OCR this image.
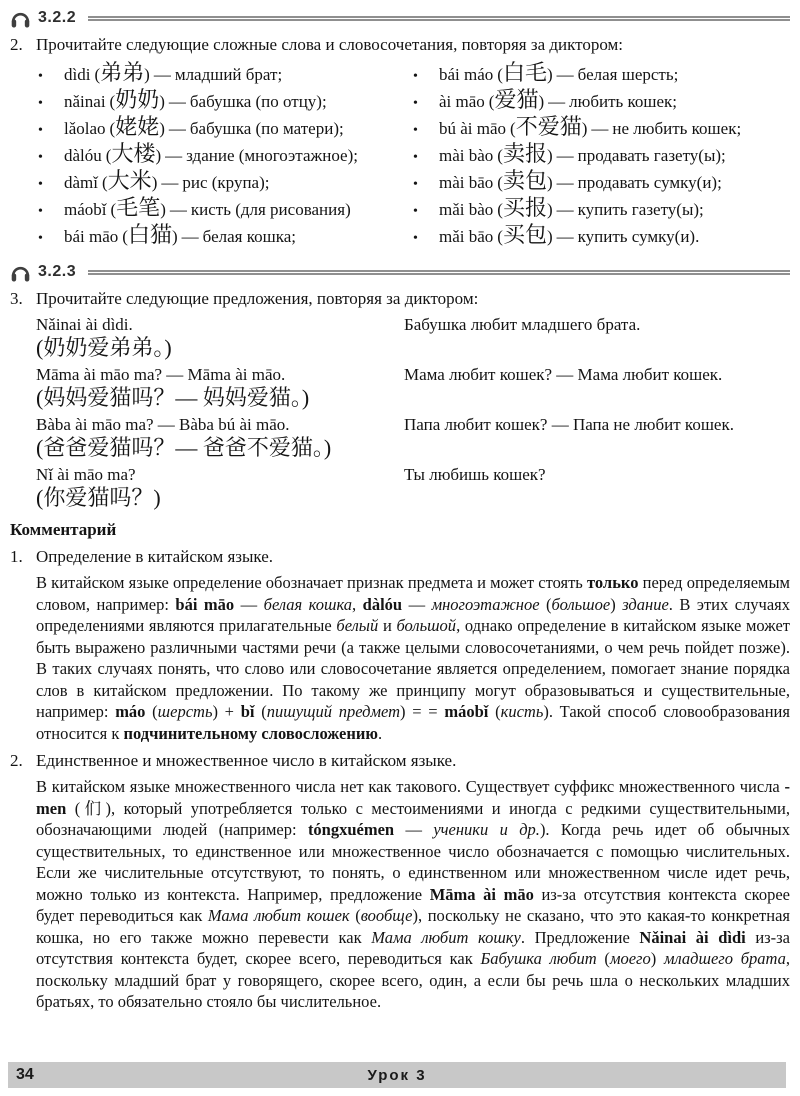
3.2.2
2. Прочитайте следующие сложные слова и словосочетания, повторяя за диктором:
•	dìdi (弟弟) — младший брат;
•	nǎinai (奶奶) — бабушка (по отцу);
•	lǎolao (姥姥) — бабушка (по матери);
•	dàlóu (大楼) — здание (многоэтажное);
•	dàmǐ (大米) — рис (крупа);
•	máobǐ (毛笔) — кисть (для рисования)
•	bái māo (白猫) — белая кошка;
•	bái máo (白毛) — белая шерсть;
•	ài māo (爱猫) — любить кошек;
•	bú ài māo (不爱猫) — не любить кошек;
•	mài bào (卖报) — продавать газету(ы);
•	mài bāo (卖包) — продавать сумку(и);
•	mǎi bào (买报) — купить газету(ы);
•	mǎi bāo (买包) — купить сумку(и).
3.2.3
3. Прочитайте следующие предложения, повторяя за диктором:
Nǎinai ài dìdi.
(奶奶爱弟弟。)
Бабушка любит младшего брата.
Māma ài māo ma? — Māma ài māo.
(妈妈爱猫吗？— 妈妈爱猫。)
Мама любит кошек? — Мама любит кошек.
Bàba ài māo ma? — Bàba bú ài māo.
(爸爸爱猫吗？— 爸爸不爱猫。)
Папа любит кошек? — Папа не любит кошек.
Nǐ ài māo ma?
(你爱猫吗？)
Ты любишь кошек?
Комментарий
1. Определение в китайском языке.
В китайском языке определение обозначает признак предмета и может стоять только перед определяемым словом, например: bái māo — белая кошка, dàlóu — многоэтажное (большое) здание. В этих случаях определениями являются прилагательные белый и большой, однако определение в китайском языке может быть выражено различными частями речи (а также целыми словосочетаниями, о чем речь пойдет позже). В таких случаях понять, что слово или словосочетание является определением, помогает знание порядка слов в китайском предложении. По такому же принципу могут образовываться и существительные, например: máo (шерсть) + bǐ (пишущий предмет) = = máobǐ (кисть). Такой способ словообразования относится к подчинительному словосложению.
2. Единственное и множественное число в китайском языке.
В китайском языке множественного числа нет как такового. Существует суффикс множественного числа -men (们), который употребляется только с местоимениями и иногда с редкими существительными, обозначающими людей (например: tóngxuémen — ученики и др.). Когда речь идет об обычных существительных, то единственное или множественное число обозначается с помощью числительных. Если же числительные отсутствуют, то понять, о единственном или множественном числе идет речь, можно только из контекста. Например, предложение Māma ài māo из-за отсутствия контекста скорее будет переводиться как Мама любит кошек (вообще), поскольку не сказано, что это какая-то конкретная кошка, но его также можно перевести как Мама любит кошку. Предложение Nǎinai ài dìdi из-за отсутствия контекста будет, скорее всего, переводиться как Бабушка любит (моего) младшего брата, поскольку младший брат у говорящего, скорее всего, один, а если бы речь шла о нескольких младших братьях, то обязательно стояло бы числительное.
Урок 3
34
